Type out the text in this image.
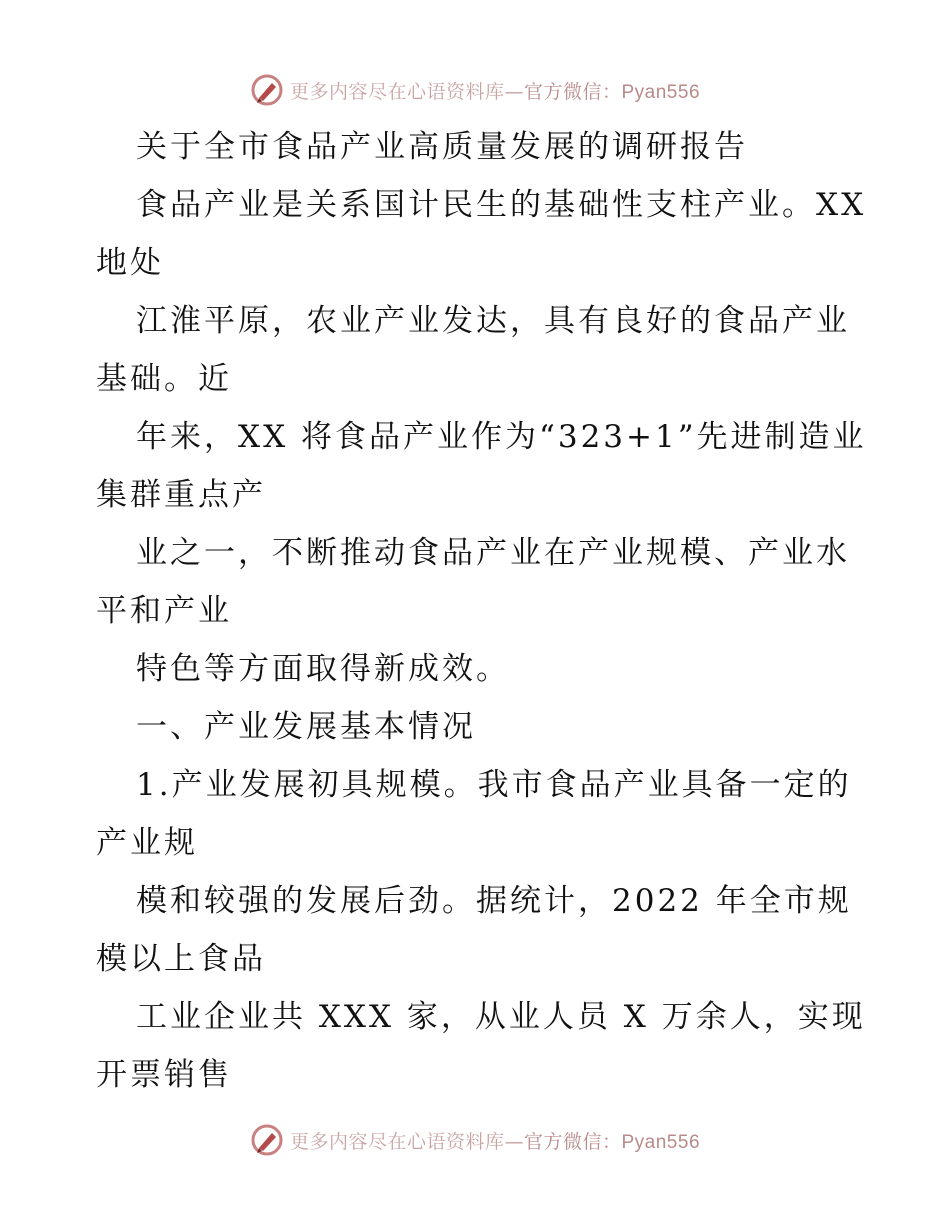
更多内容尽在心语资料库—官方微信：Pyan556
关于全市食品产业高质量发展的调研报告
食品产业是关系国计民生的基础性支柱产业。XX
地处
江淮平原，农业产业发达，具有良好的食品产业
基础。近
年来，XX 将食品产业作为“323+1”先进制造业
集群重点产
业之一，不断推动食品产业在产业规模、产业水
平和产业
特色等方面取得新成效。
一、产业发展基本情况
1.产业发展初具规模。我市食品产业具备一定的
产业规
模和较强的发展后劲。据统计，2022 年全市规
模以上食品
工业企业共 XXX 家，从业人员 X 万余人，实现
开票销售
更多内容尽在心语资料库—官方微信：Pyan556
